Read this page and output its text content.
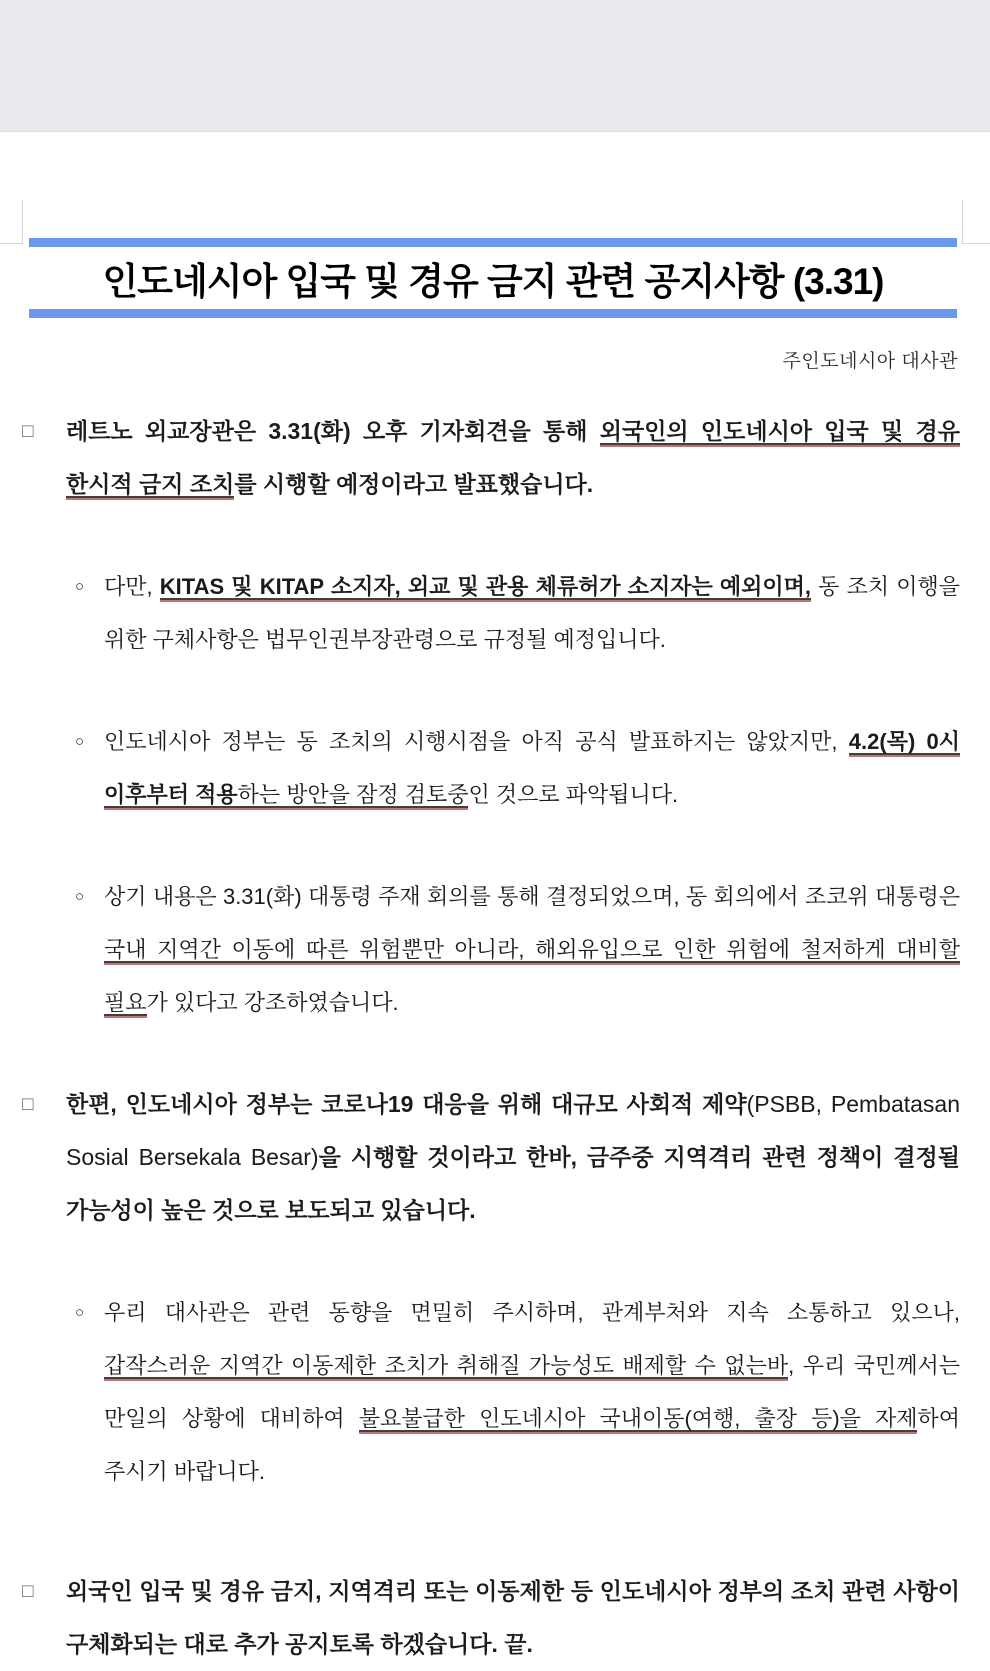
인도네시아 입국 및 경유 금지 관련 공지사항 (3.31)
주인도네시아 대사관
□	레트노 외교장관은 3.31(화) 오후 기자회견을 통해 외국인의 인도네시아 입국 및 경유 한시적 금지 조치를 시행할 예정이라고 발표했습니다.
○ 다만, KITAS 및 KITAP 소지자, 외교 및 관용 체류허가 소지자는 예외이며, 동 조치 이행을 위한 구체사항은 법무인권부장관령으로 규정될 예정입니다.
○ 인도네시아 정부는 동 조치의 시행시점을 아직 공식 발표하지는 않았지만, 4.2(목) 0시 이후부터 적용하는 방안을 잠정 검토중인 것으로 파악됩니다.
○ 상기 내용은 3.31(화) 대통령 주재 회의를 통해 결정되었으며, 동 회의에서 조코위 대통령은 국내 지역간 이동에 따른 위험뿐만 아니라, 해외유입으로 인한 위험에 철저하게 대비할 필요가 있다고 강조하였습니다.
□	한편, 인도네시아 정부는 코로나19 대응을 위해 대규모 사회적 제약(PSBB, Pembatasan Sosial Bersekala Besar)을 시행할 것이라고 한바, 금주중 지역격리 관련 정책이 결정될 가능성이 높은 것으로 보도되고 있습니다.
○ 우리 대사관은 관련 동향을 면밀히 주시하며, 관계부처와 지속 소통하고 있으나, 갑작스러운 지역간 이동제한 조치가 취해질 가능성도 배제할 수 없는바, 우리 국민께서는 만일의 상황에 대비하여 불요불급한 인도네시아 국내이동(여행, 출장 등)을 자제하여 주시기 바랍니다.
□	외국인 입국 및 경유 금지, 지역격리 또는 이동제한 등 인도네시아 정부의 조치 관련 사항이 구체화되는 대로 추가 공지토록 하겠습니다. 끝.
